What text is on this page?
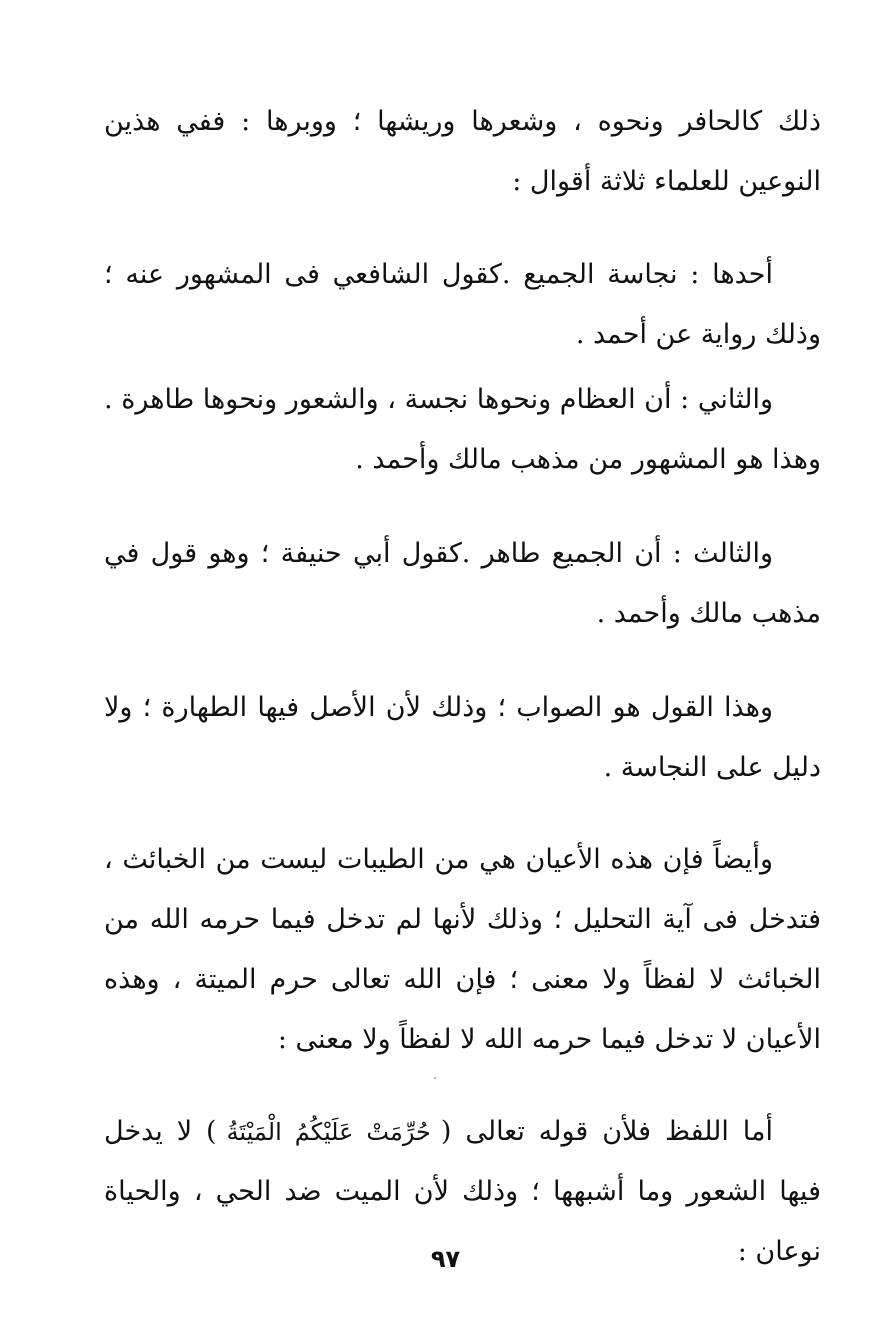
ذلك كالحافر ونحوه ، وشعرها وريشها ؛ ووبرها : ففي هذين النوعين للعلماء ثلاثة أقوال :

أحدها : نجاسة الجميع .كقول الشافعي فى المشهور عنه ؛ وذلك رواية عن أحمد .

والثاني : أن العظام ونحوها نجسة ، والشعور ونحوها طاهرة . وهذا هو المشهور من مذهب مالك وأحمد .

والثالث : أن الجميع طاهر .كقول أبي حنيفة ؛ وهو قول في مذهب مالك وأحمد .

وهذا القول هو الصواب ؛ وذلك لأن الأصل فيها الطهارة ؛ ولا دليل على النجاسة .

وأيضاً فإن هذه الأعيان هي من الطيبات ليست من الخبائث ، فتدخل فى آية التحليل ؛ وذلك لأنها لم تدخل فيما حرمه الله من الخبائث لا لفظاً ولا معنى ؛ فإن الله تعالى حرم الميتة ، وهذه الأعيان لا تدخل فيما حرمه الله لا لفظاً ولا معنى :

أما اللفظ فلأن قوله تعالى (حُرِّمَتْ عَلَيْكُمُ الْمَيْتَةُ) لا يدخل فيها الشعور وما أشبهها ؛ وذلك لأن الميت ضد الحي ، والحياة نوعان :

٩٧
